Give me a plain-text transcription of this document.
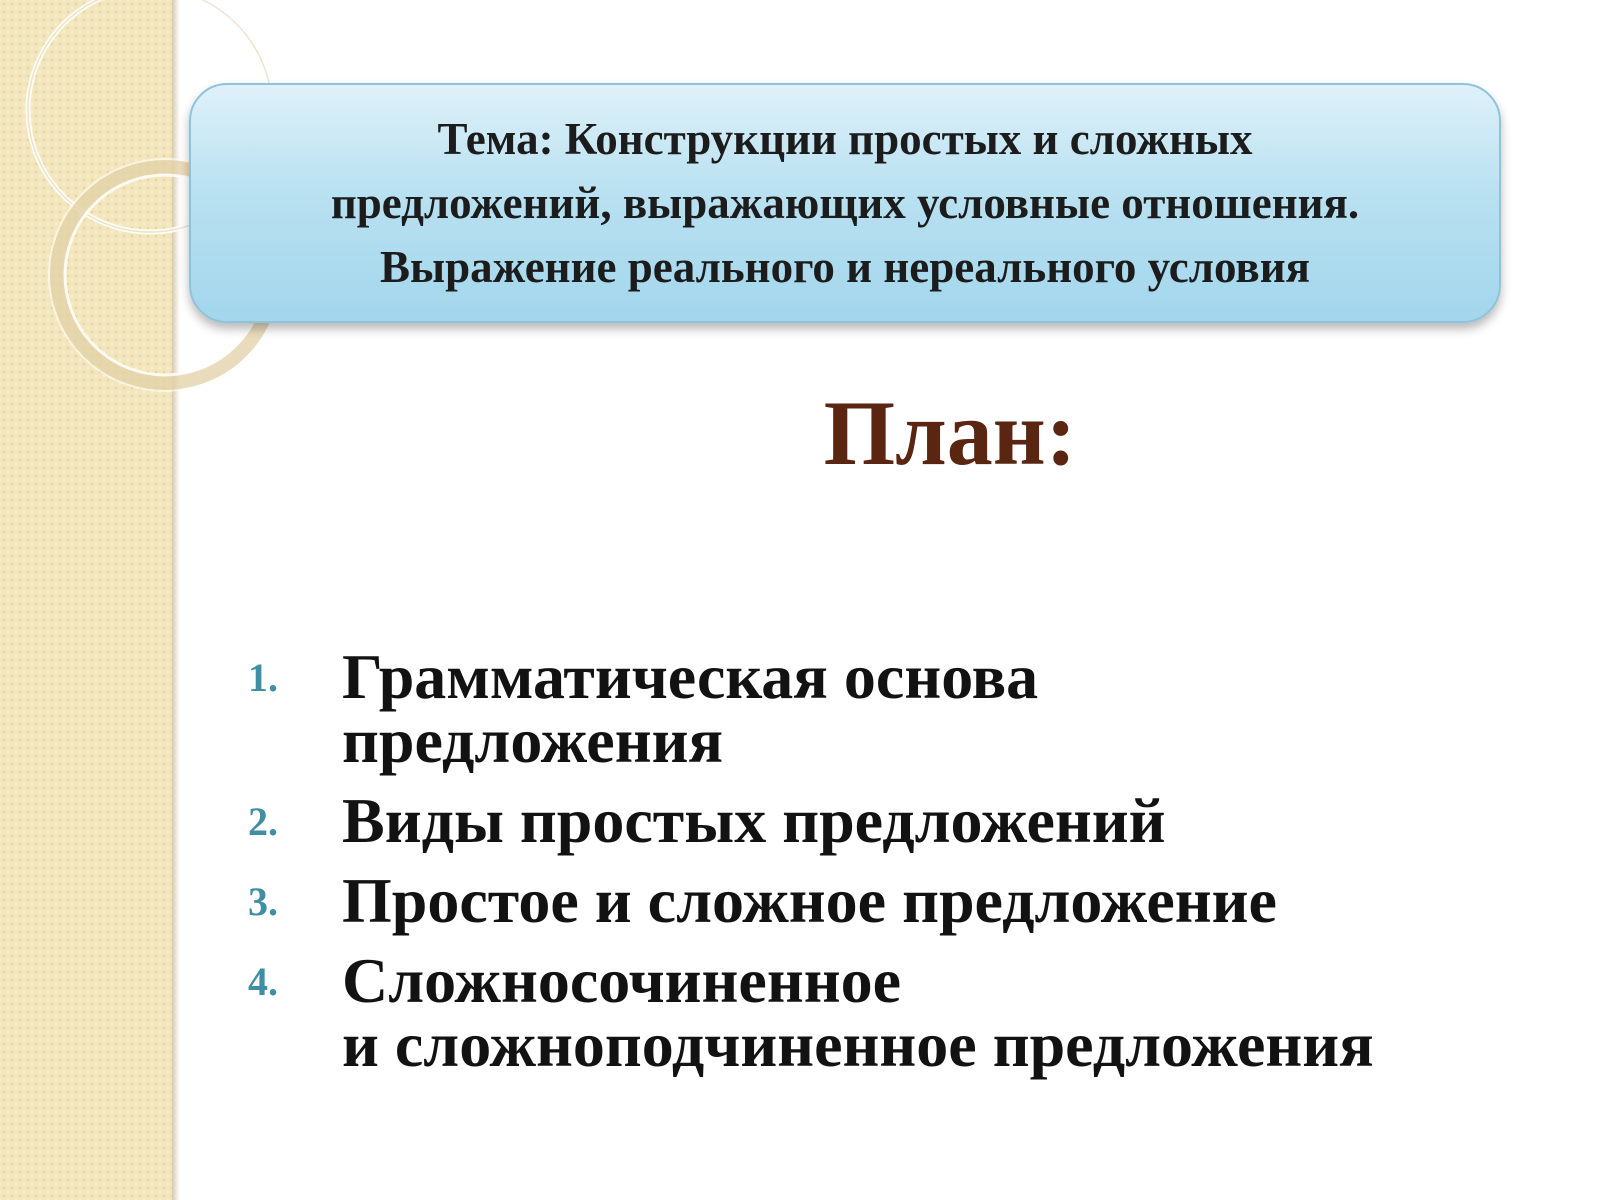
Тема: Конструкции простых и сложных
предложений, выражающих условные отношения.
Выражение реального и нереального условия
План:
1.	Грамматическая основа
предложения
2.	Виды простых предложений
3.	Простое и сложное предложение
4.	Сложносочиненное
и сложноподчиненное предложения
